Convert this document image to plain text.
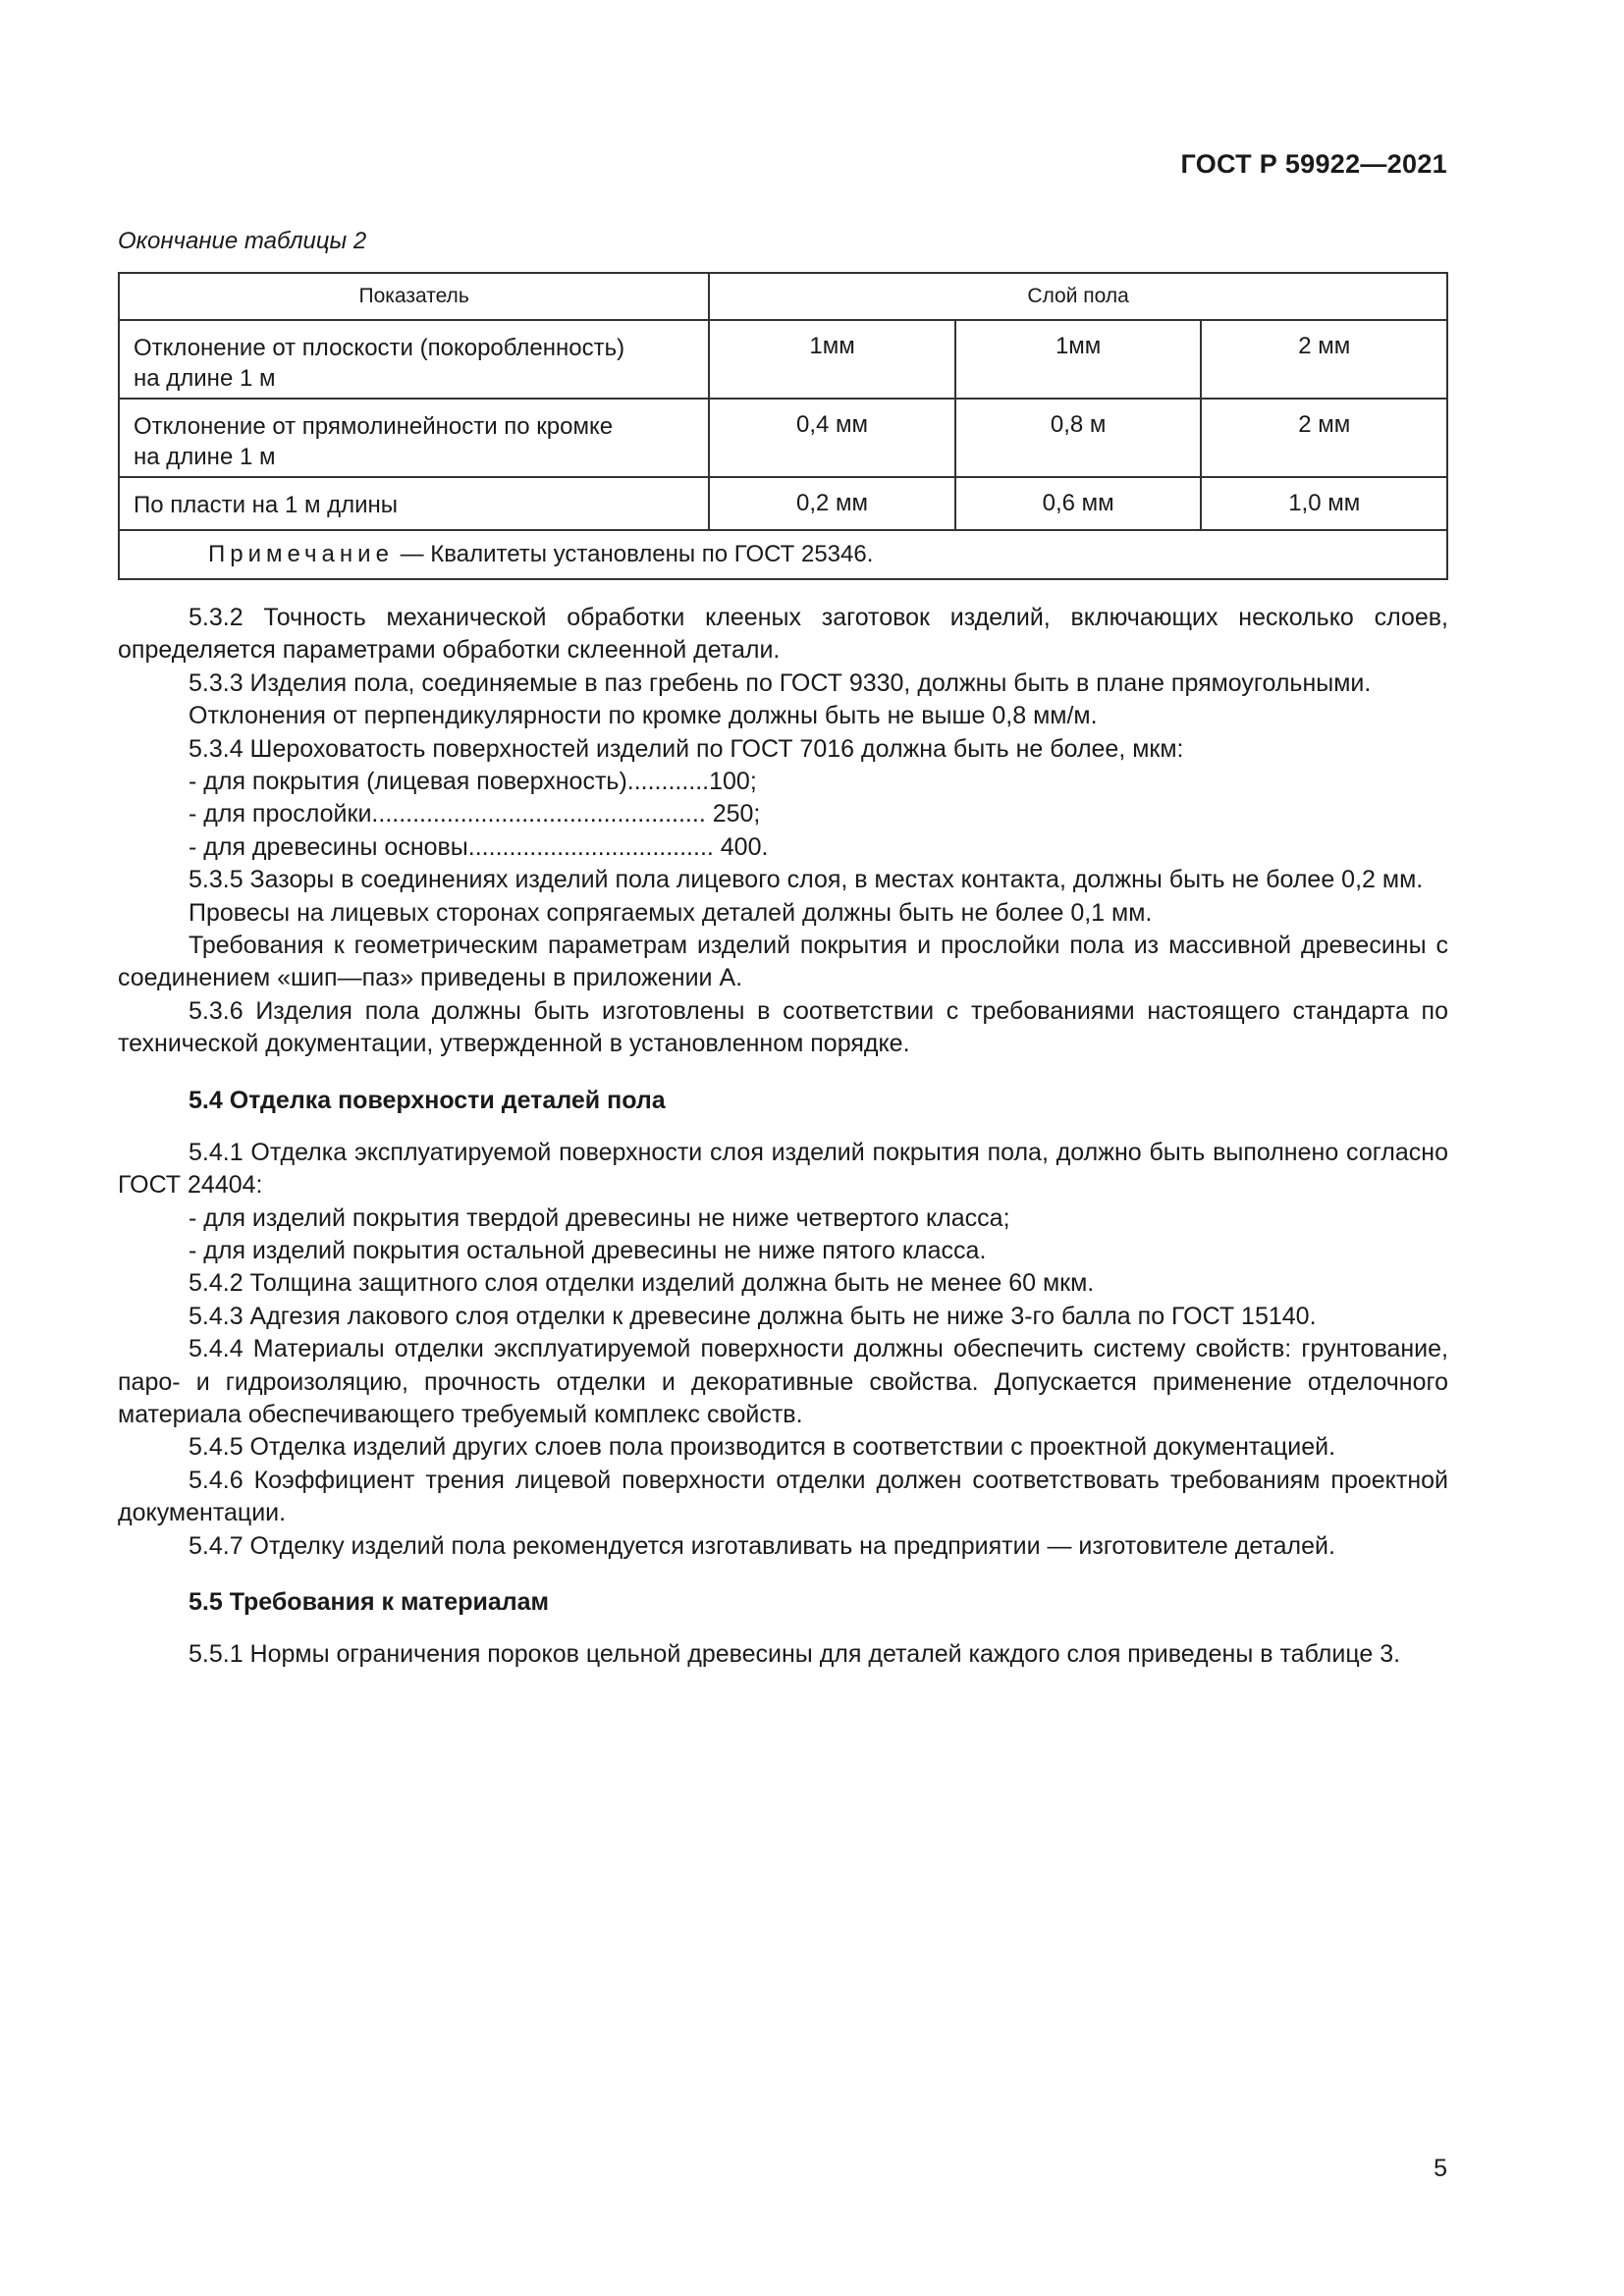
ГОСТ Р 59922—2021
Окончание таблицы 2
Показатель	Слой пола		

Отклонение от плоскости (покоробленность)
на длине 1 м	1мм	1мм	2 мм

Отклонение от прямолинейности по кромке
на длине 1 м	0,4 мм	0,8 м	2 мм

По пласти на 1 м длины	0,2 мм	0,6 мм	1,0 мм
Примечание — Квалитеты установлены по ГОСТ 25346.			

5.3.2 Точность механической обработки клееных заготовок изделий, включающих несколько слоев, определяется параметрами обработки склеенной детали.

5.3.3 Изделия пола, соединяемые в паз гребень по ГОСТ 9330, должны быть в плане прямоугольными.

Отклонения от перпендикулярности по кромке должны быть не выше 0,8 мм/м.

5.3.4 Шероховатость поверхностей изделий по ГОСТ 7016 должна быть не более, мкм:

- для покрытия (лицевая поверхность)............100;

- для прослойки................................................. 250;

- для древесины основы.................................... 400.

5.3.5 Зазоры в соединениях изделий пола лицевого слоя, в местах контакта, должны быть не более 0,2 мм.

Провесы на лицевых сторонах сопрягаемых деталей должны быть не более 0,1 мм.

Требования к геометрическим параметрам изделий покрытия и прослойки пола из массивной древесины с соединением «шип—паз» приведены в приложении А.

5.3.6 Изделия пола должны быть изготовлены в соответствии с требованиями настоящего стандарта по технической документации, утвержденной в установленном порядке.

5.4 Отделка поверхности деталей пола

5.4.1 Отделка эксплуатируемой поверхности слоя изделий покрытия пола, должно быть выполнено согласно ГОСТ 24404:

- для изделий покрытия твердой древесины не ниже четвертого класса;

- для изделий покрытия остальной древесины не ниже пятого класса.

5.4.2 Толщина защитного слоя отделки изделий должна быть не менее 60 мкм.

5.4.3 Адгезия лакового слоя отделки к древесине должна быть не ниже 3-го балла по ГОСТ 15140.

5.4.4 Материалы отделки эксплуатируемой поверхности должны обеспечить систему свойств: грунтование, паро- и гидроизоляцию, прочность отделки и декоративные свойства. Допускается применение отделочного материала обеспечивающего требуемый комплекс свойств.

5.4.5 Отделка изделий других слоев пола производится в соответствии с проектной документацией.

5.4.6 Коэффициент трения лицевой поверхности отделки должен соответствовать требованиям проектной документации.

5.4.7 Отделку изделий пола рекомендуется изготавливать на предприятии — изготовителе деталей.

5.5 Требования к материалам

5.5.1 Нормы ограничения пороков цельной древесины для деталей каждого слоя приведены в таблице 3.

5
